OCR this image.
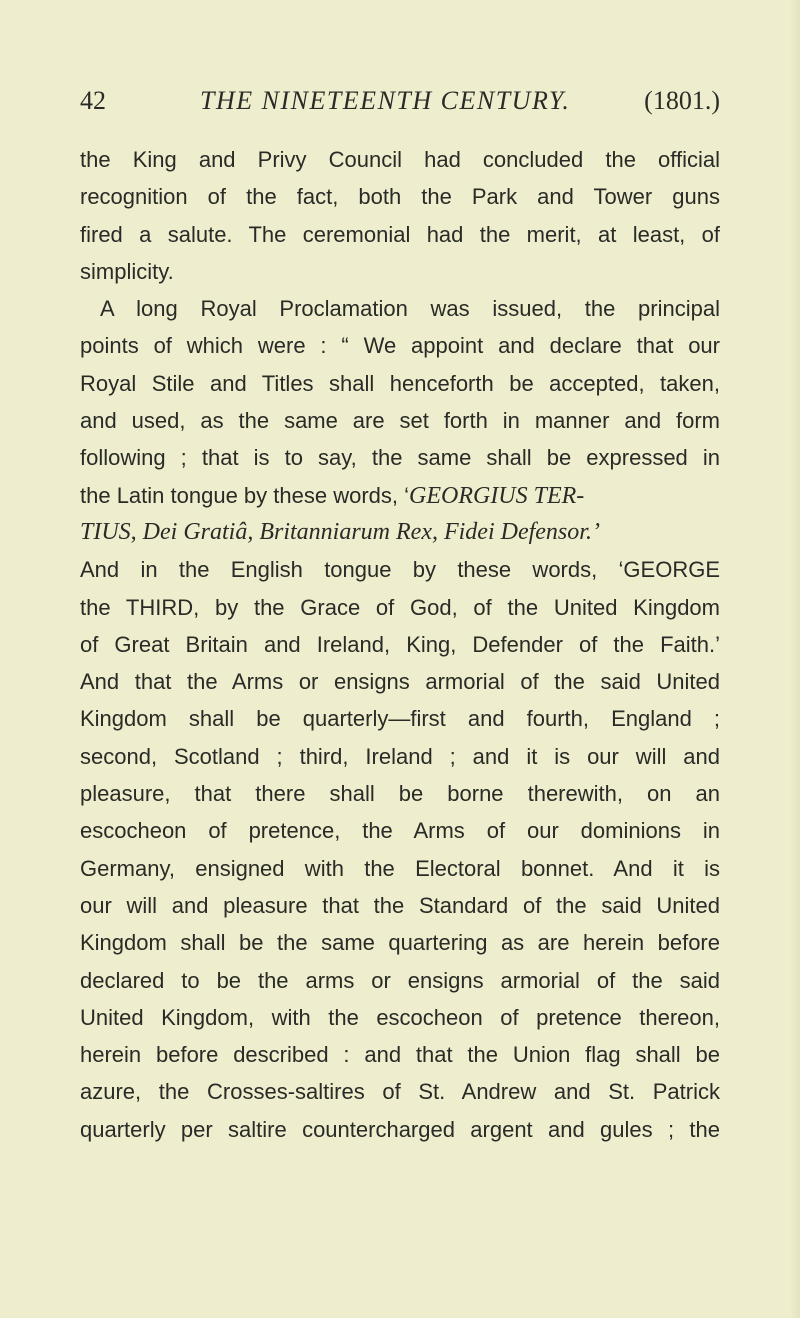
42	THE NINETEENTH CENTURY.	(1801.)
the King and Privy Council had concluded the official
recognition of the fact, both the Park and Tower guns
fired a salute. The ceremonial had the merit, at least, of
simplicity.
A long Royal Proclamation was issued, the principal
points of which were : “ We appoint and declare that our
Royal Stile and Titles shall henceforth be accepted, taken,
and used, as the same are set forth in manner and form
following ; that is to say, the same shall be expressed in
the Latin tongue by these words, ‘GEORGIUS TER-
TIUS, Dei Gratiâ, Britanniarum Rex, Fidei Defensor.’
And in the English tongue by these words, ‘GEORGE
the THIRD, by the Grace of God, of the United Kingdom
of Great Britain and Ireland, King, Defender of the Faith.’
And that the Arms or ensigns armorial of the said United
Kingdom shall be quarterly—first and fourth, England ;
second, Scotland ; third, Ireland ; and it is our will and
pleasure, that there shall be borne therewith, on an
escocheon of pretence, the Arms of our dominions in
Germany, ensigned with the Electoral bonnet. And it is
our will and pleasure that the Standard of the said United
Kingdom shall be the same quartering as are herein before
declared to be the arms or ensigns armorial of the said
United Kingdom, with the escocheon of pretence thereon,
herein before described : and that the Union flag shall be
azure, the Crosses-saltires of St. Andrew and St. Patrick
quarterly per saltire countercharged argent and gules ; the
